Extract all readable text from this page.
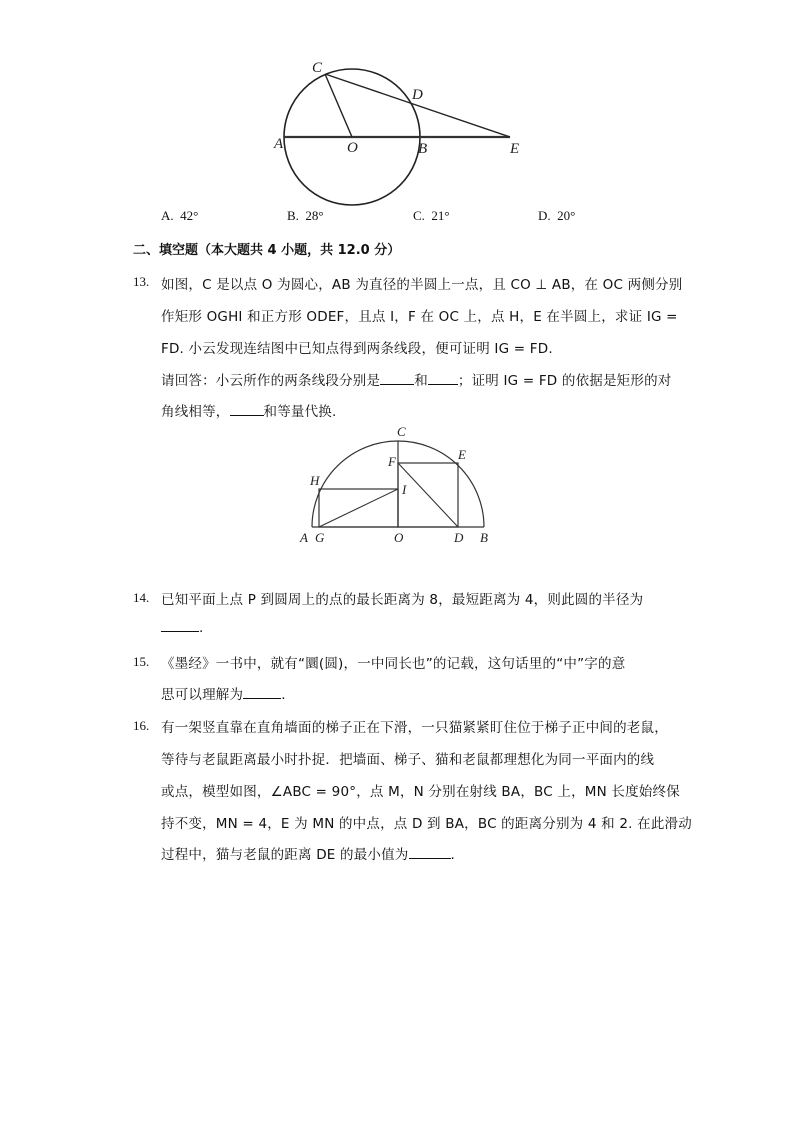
C
D
A	O	B	E
A. 42°	B. 28°	C. 21°	D. 20°
二、填空题（本大题共 4 小题，共 12.0 分）
13. 如图，C 是以点 O 为圆心，AB 为直径的半圆上一点，且 CO ⊥ AB，在 OC 两侧分别
作矩形 OGHI 和正方形 ODEF，且点 I，F 在 OC 上，点 H，E 在半圆上，求证 IG =
FD. 小云发现连结图中已知点得到两条线段，便可证明 IG = FD.
请回答：小云所作的两条线段分别是	和 ；证明 IG = FD 的依据是矩形的对
角线相等，	和等量代换.
C
F	E
H
I
A G	O	D B
14. 已知平面上点 P 到圆周上的点的最长距离为 8，最短距离为 4，则此圆的半径为
.
15. 《墨经》一书中，就有“圜(圆)，一中同长也”的记载，这句话里的“中”字的意
思可以理解为	.
16. 有一架竖直靠在直角墙面的梯子正在下滑，一只猫紧紧盯住位于梯子正中间的老鼠，
等待与老鼠距离最小时扑捉．把墙面、梯子、猫和老鼠都理想化为同一平面内的线
或点，模型如图，∠ABC = 90°，点 M，N 分别在射线 BA，BC 上，MN 长度始终保
持不变，MN = 4，E 为 MN 的中点，点 D 到 BA，BC 的距离分别为 4 和 2. 在此滑动
过程中，猫与老鼠的距离 DE 的最小值为	.
